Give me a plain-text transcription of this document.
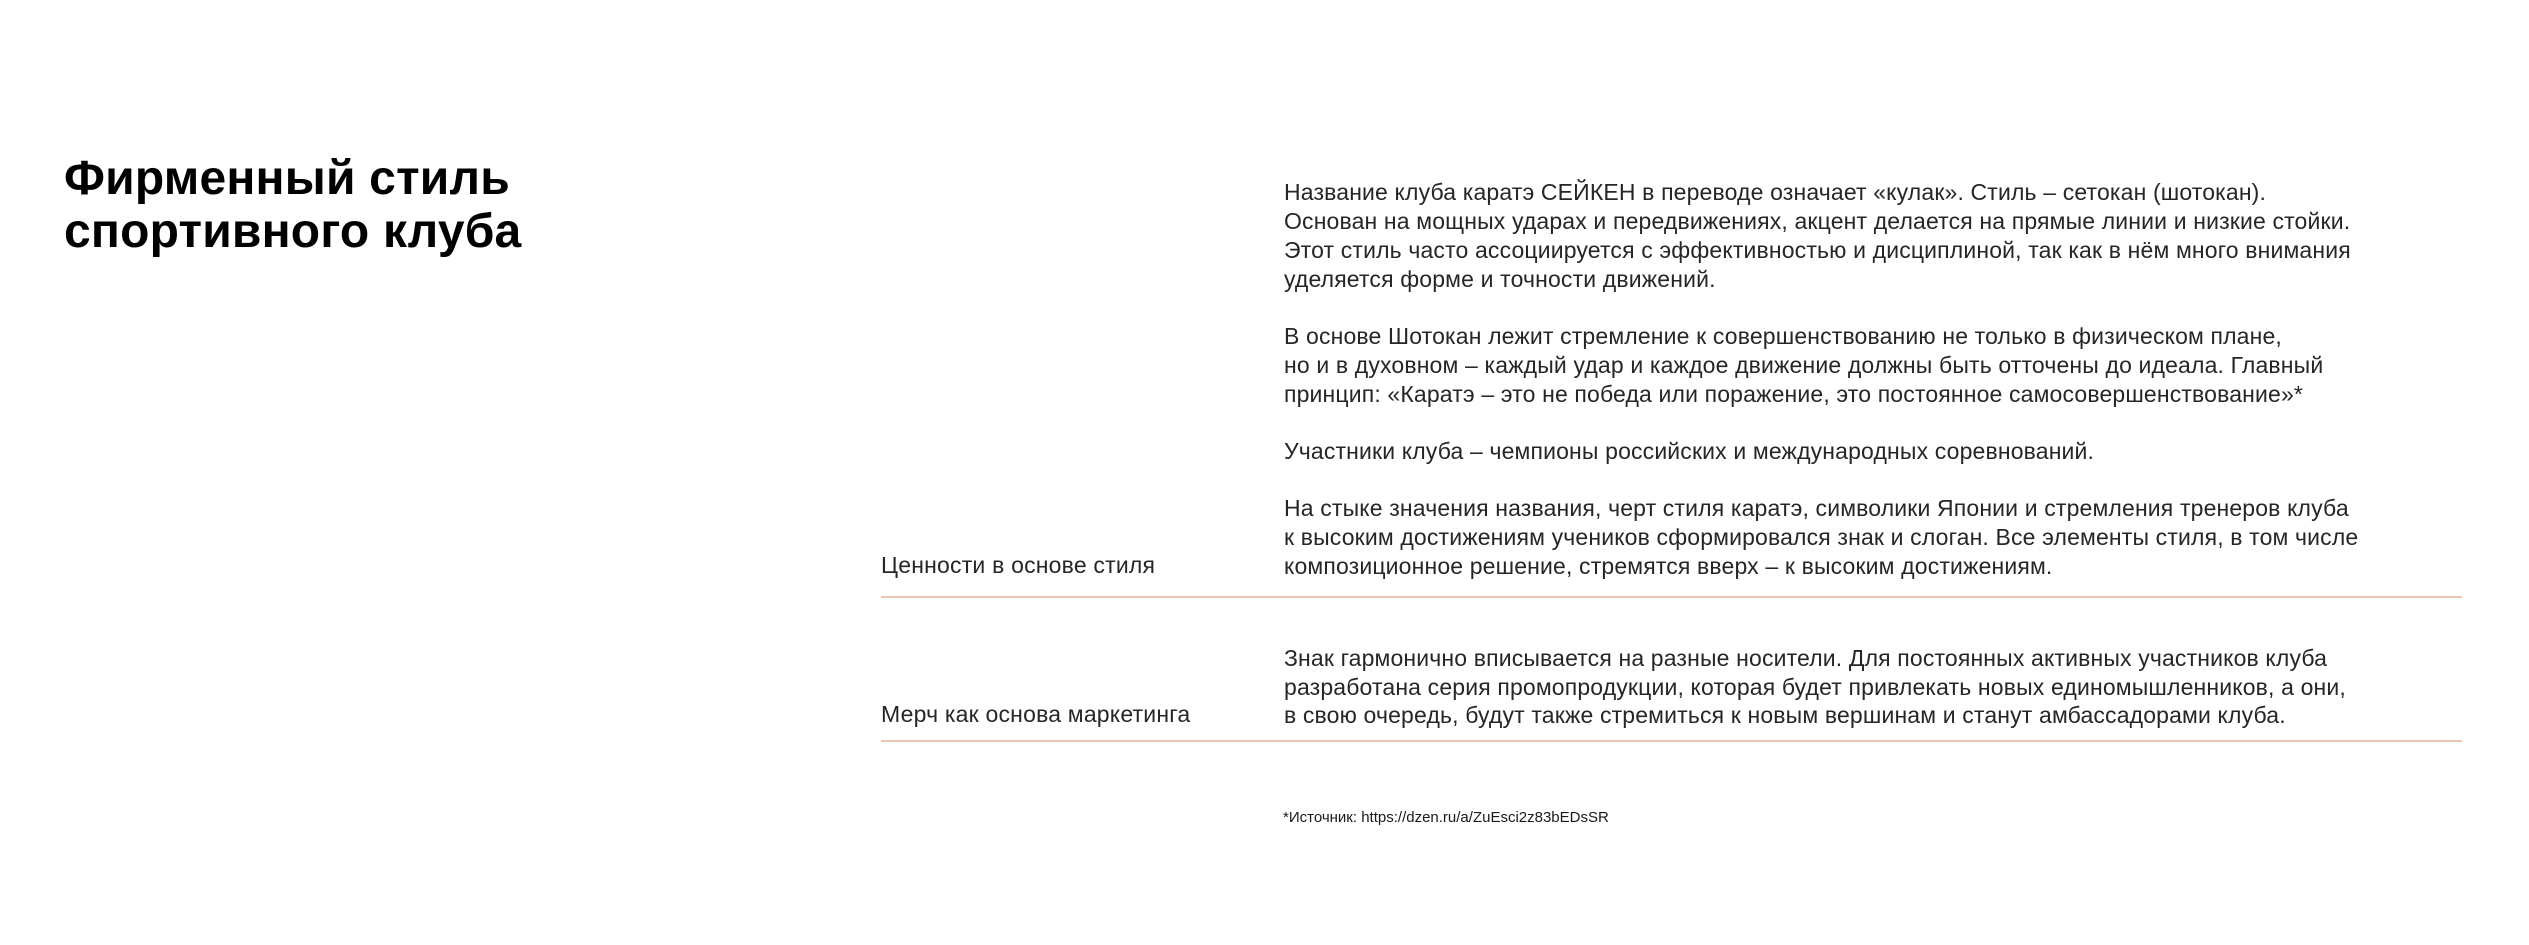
Фирменный стиль
спортивного клуба
Название клуба каратэ СЕЙКЕН в переводе означает «кулак». Стиль – сетокан (шотокан).
Основан на мощных ударах и передвижениях, акцент делается на прямые линии и низкие стойки.
Этот стиль часто ассоциируется с эффективностью и дисциплиной, так как в нём много внимания
уделяется форме и точности движений.
В основе Шотокан лежит стремление к совершенствованию не только в физическом плане,
но и в духовном – каждый удар и каждое движение должны быть отточены до идеала. Главный
принцип: «Каратэ – это не победа или поражение, это постоянное самосовершенствование»*
Участники клуба – чемпионы российских и международных соревнований.
На стыке значения названия, черт стиля каратэ, символики Японии и стремления тренеров клуба
к высоким достижениям учеников сформировался знак и слоган. Все элементы стиля, в том числе
композиционное решение, стремятся вверх – к высоким достижениям.
Ценности в основе стиля
Знак гармонично вписывается на разные носители. Для постоянных активных участников клуба
разработана серия промопродукции, которая будет привлекать новых единомышленников, а они,
в свою очередь, будут также стремиться к новым вершинам и станут амбассадорами клуба.
Мерч как основа маркетинга
*Источник: https://dzen.ru/a/ZuEsci2z83bEDsSR
